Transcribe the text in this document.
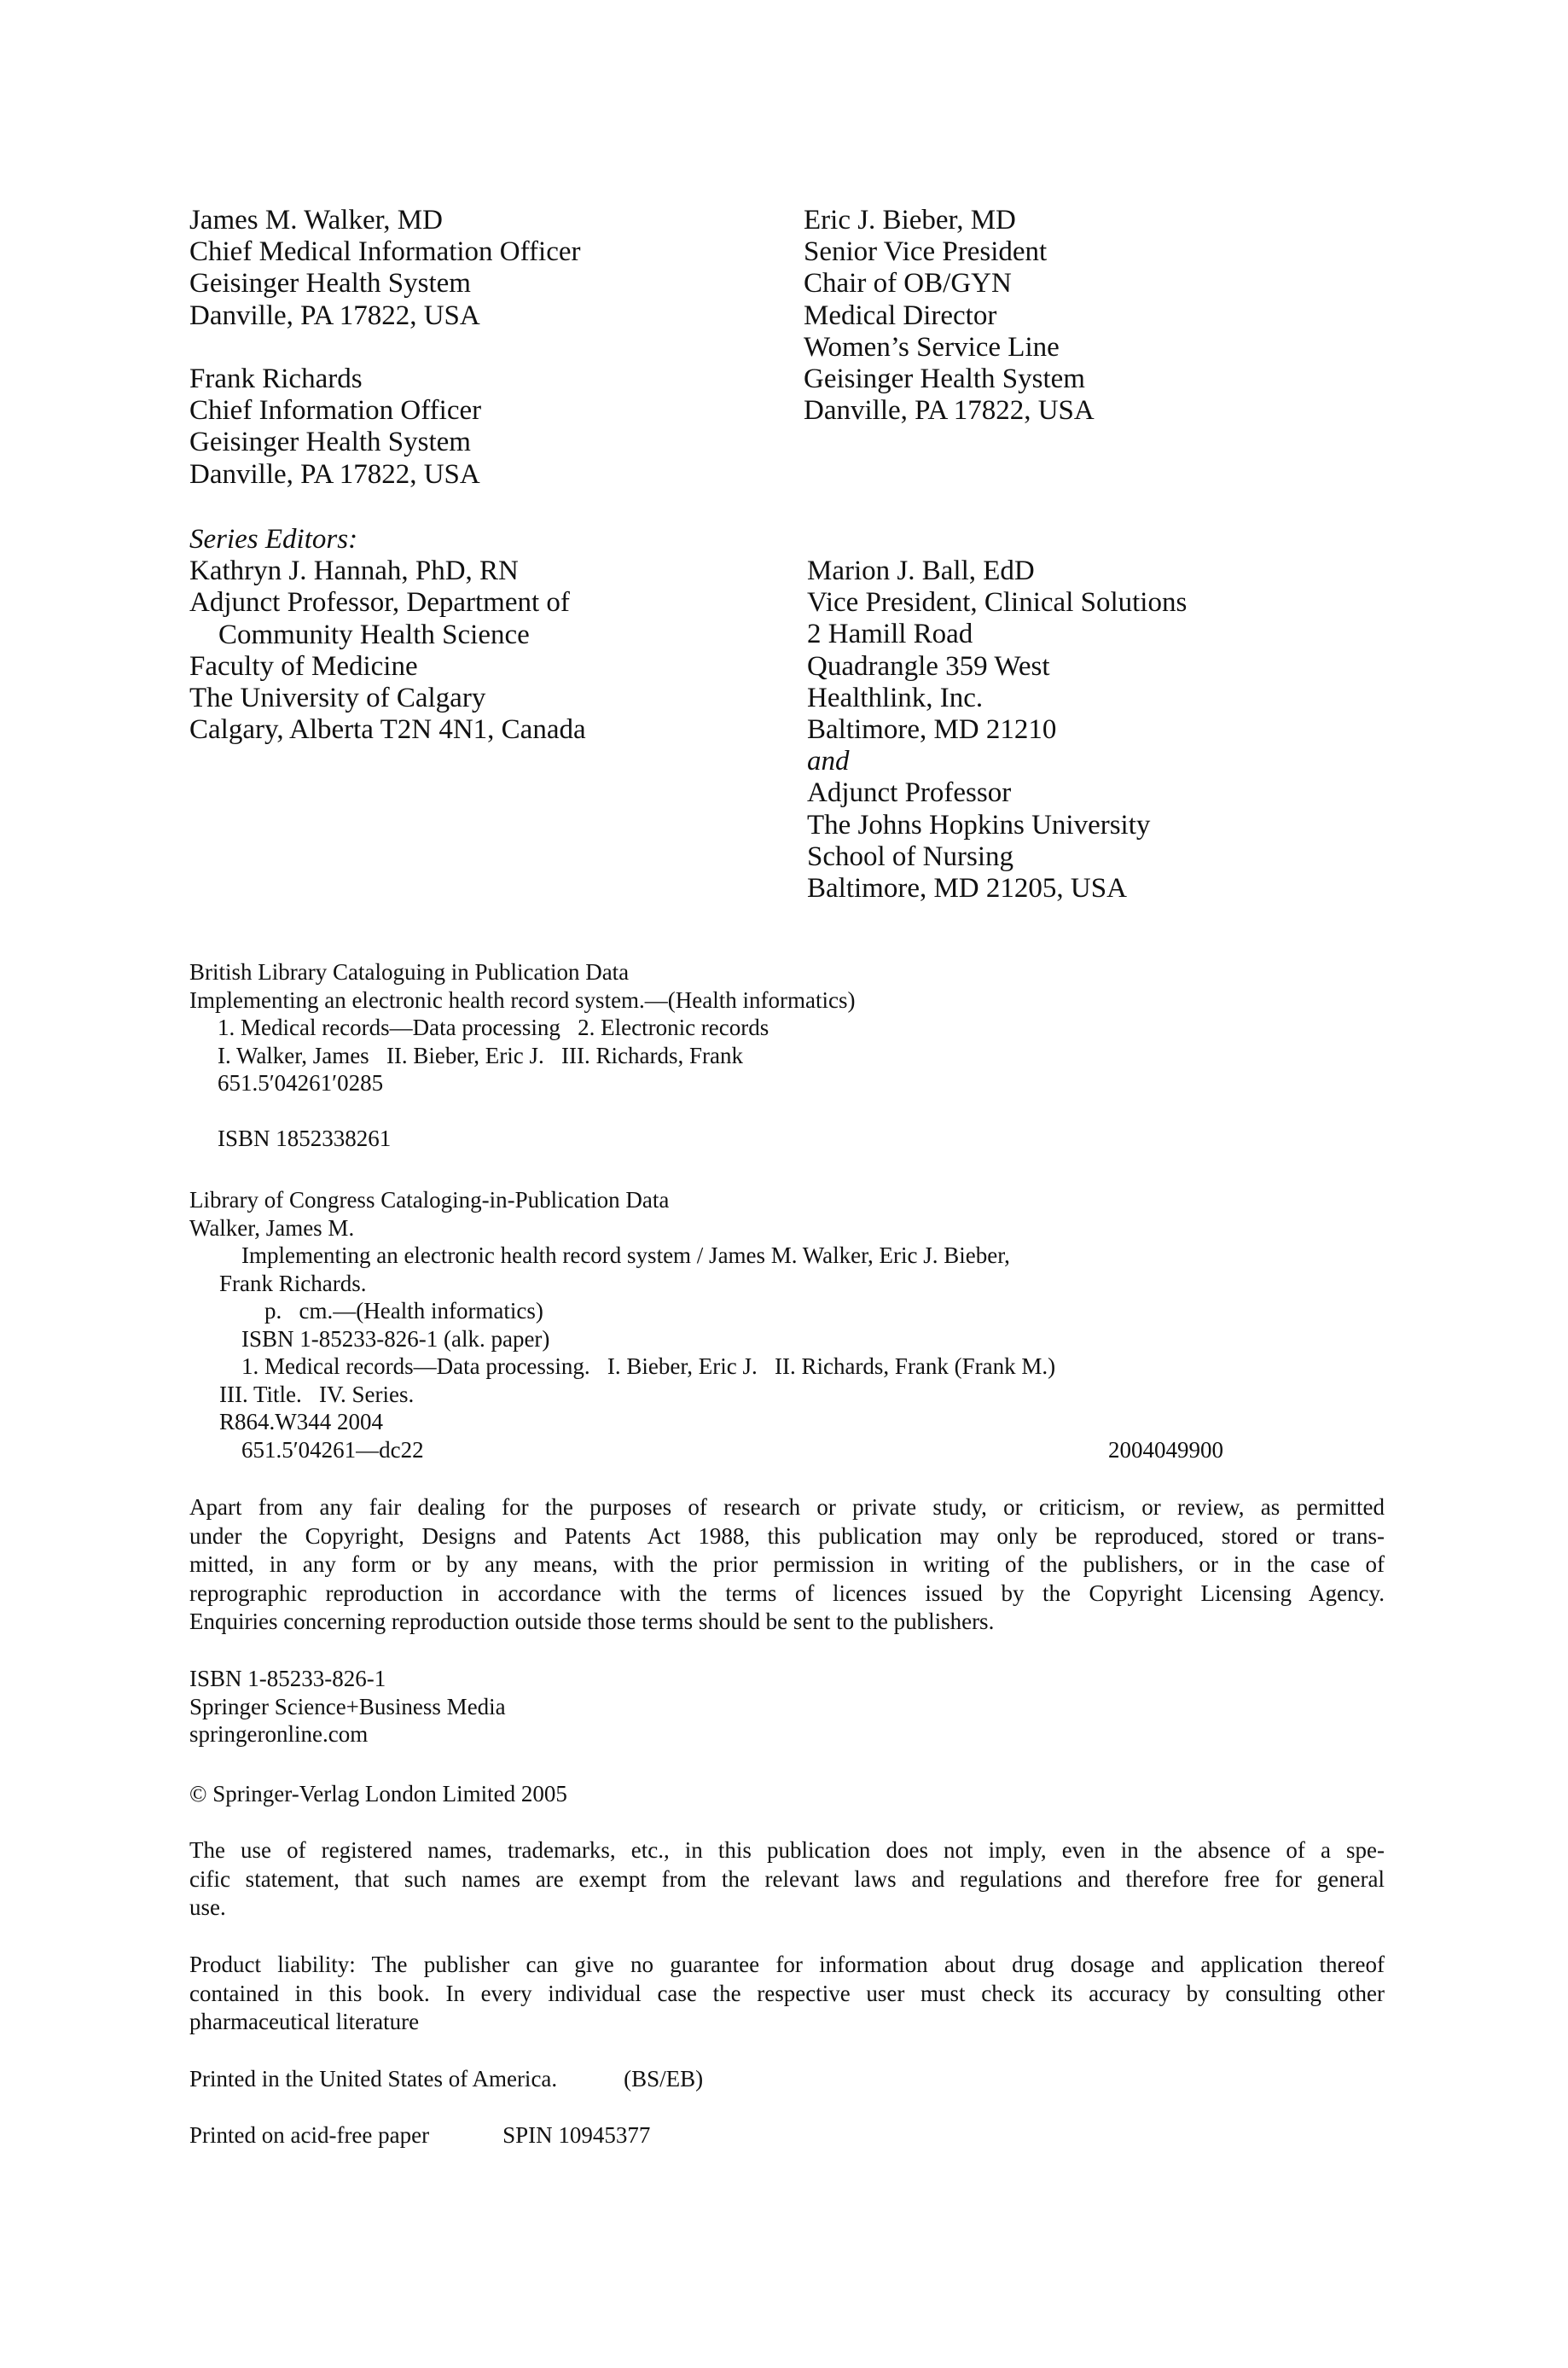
James M. Walker, MD
Chief Medical Information Officer
Geisinger Health System
Danville, PA 17822, USA
Frank Richards
Chief Information Officer
Geisinger Health System
Danville, PA 17822, USA
Eric J. Bieber, MD
Senior Vice President
Chair of OB/GYN
Medical Director
Women’s Service Line
Geisinger Health System
Danville, PA 17822, USA
Series Editors:
Kathryn J. Hannah, PhD, RN
Adjunct Professor, Department of
Community Health Science
Faculty of Medicine
The University of Calgary
Calgary, Alberta T2N 4N1, Canada
Marion J. Ball, EdD
Vice President, Clinical Solutions
2 Hamill Road
Quadrangle 359 West
Healthlink, Inc.
Baltimore, MD 21210
and
Adjunct Professor
The Johns Hopkins University
School of Nursing
Baltimore, MD 21205, USA
British Library Cataloguing in Publication Data
Implementing an electronic health record system.—(Health informatics)
1. Medical records—Data processing   2. Electronic records
I. Walker, James   II. Bieber, Eric J.   III. Richards, Frank
651.5′04261′0285
ISBN 1852338261
Library of Congress Cataloging-in-Publication Data
Walker, James M.
Implementing an electronic health record system / James M. Walker, Eric J. Bieber,
Frank Richards.
p.   cm.—(Health informatics)
ISBN 1-85233-826-1 (alk. paper)
1. Medical records—Data processing.   I. Bieber, Eric J.   II. Richards, Frank (Frank M.)
III. Title.   IV. Series.
R864.W344 2004
651.5′04261—dc22	2004049900
Apart from any fair dealing for the purposes of research or private study, or criticism, or review, as permitted
under the Copyright, Designs and Patents Act 1988, this publication may only be reproduced, stored or trans-
mitted, in any form or by any means, with the prior permission in writing of the publishers, or in the case of
reprographic reproduction in accordance with the terms of licences issued by the Copyright Licensing Agency.
Enquiries concerning reproduction outside those terms should be sent to the publishers.
ISBN 1-85233-826-1
Springer Science+Business Media
springeronline.com
© Springer-Verlag London Limited 2005
The use of registered names, trademarks, etc., in this publication does not imply, even in the absence of a spe-
cific statement, that such names are exempt from the relevant laws and regulations and therefore free for general
use.
Product liability: The publisher can give no guarantee for information about drug dosage and application thereof
contained in this book. In every individual case the respective user must check its accuracy by consulting other
pharmaceutical literature
Printed in the United States of America.	(BS/EB)
Printed on acid-free paper	SPIN 10945377
